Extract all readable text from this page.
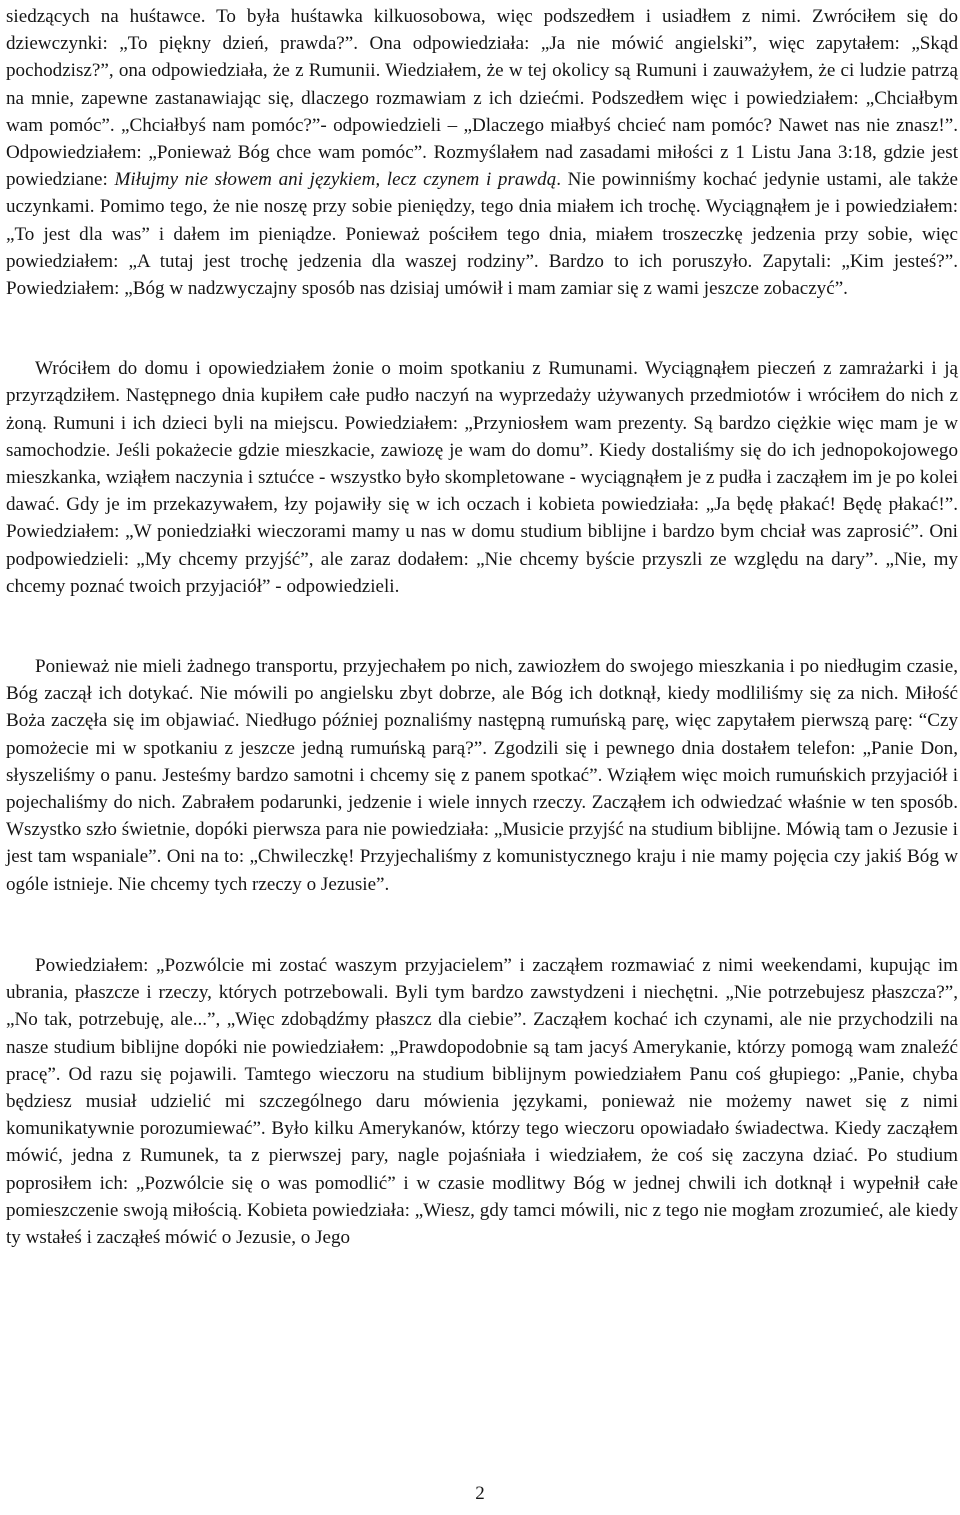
siedzących na huśtawce. To była huśtawka kilkuosobowa, więc podszedłem i usiadłem z nimi. Zwróciłem się do dziewczynki: „To piękny dzień, prawda?”. Ona odpowiedziała: „Ja nie mówić angielski”, więc zapytałem: „Skąd pochodzisz?”, ona odpowiedziała, że z Rumunii. Wiedziałem, że w tej okolicy są Rumuni i zauważyłem, że ci ludzie patrzą na mnie, zapewne zastanawiając się, dlaczego rozmawiam z ich dziećmi. Podszedłem więc i powiedziałem: „Chciałbym wam pomóc”. „Chciałbyś nam pomóc?”- odpowiedzieli – „Dlaczego miałbyś chcieć nam pomóc? Nawet nas nie znasz!”. Odpowiedziałem: „Ponieważ Bóg chce wam pomóc”. Rozmyślałem nad zasadami miłości z 1 Listu Jana 3:18, gdzie jest powiedziane: Miłujmy nie słowem ani językiem, lecz czynem i prawdą. Nie powinniśmy kochać jedynie ustami, ale także uczynkami. Pomimo tego, że nie noszę przy sobie pieniędzy, tego dnia miałem ich trochę. Wyciągnąłem je i powiedziałem: „To jest dla was” i dałem im pieniądze. Ponieważ pościłem tego dnia, miałem troszeczkę jedzenia przy sobie, więc powiedziałem: „A tutaj jest trochę jedzenia dla waszej rodziny”. Bardzo to ich poruszyło. Zapytali: „Kim jesteś?”. Powiedziałem: „Bóg w nadzwyczajny sposób nas dzisiaj umówił i mam zamiar się z wami jeszcze zobaczyć”.

Wróciłem do domu i opowiedziałem żonie o moim spotkaniu z Rumunami. Wyciągnąłem pieczeń z zamrażarki i ją przyrządziłem. Następnego dnia kupiłem całe pudło naczyń na wyprzedaży używanych przedmiotów i wróciłem do nich z żoną. Rumuni i ich dzieci byli na miejscu. Powiedziałem: „Przyniosłem wam prezenty. Są bardzo ciężkie więc mam je w samochodzie. Jeśli pokażecie gdzie mieszkacie, zawiozę je wam do domu”. Kiedy dostaliśmy się do ich jednopokojowego mieszkanka, wziąłem naczynia i sztućce - wszystko było skompletowane - wyciągnąłem je z pudła i zacząłem im je po kolei dawać. Gdy je im przekazywałem, łzy pojawiły się w ich oczach i kobieta powiedziała: „Ja będę płakać! Będę płakać!”. Powiedziałem: „W poniedziałki wieczorami mamy u nas w domu studium biblijne i bardzo bym chciał was zaprosić”. Oni podpowiedzieli: „My chcemy przyjść”, ale zaraz dodałem: „Nie chcemy byście przyszli ze względu na dary”. „Nie, my chcemy poznać twoich przyjaciół” - odpowiedzieli.

Ponieważ nie mieli żadnego transportu, przyjechałem po nich, zawiozłem do swojego mieszkania i po niedługim czasie, Bóg zaczął ich dotykać. Nie mówili po angielsku zbyt dobrze, ale Bóg ich dotknął, kiedy modliliśmy się za nich. Miłość Boża zaczęła się im objawiać. Niedługo później poznaliśmy następną rumuńską parę, więc zapytałem pierwszą parę: “Czy pomożecie mi w spotkaniu z jeszcze jedną rumuńską parą?”. Zgodzili się i pewnego dnia dostałem telefon: „Panie Don, słyszeliśmy o panu. Jesteśmy bardzo samotni i chcemy się z panem spotkać”. Wziąłem więc moich rumuńskich przyjaciół i pojechaliśmy do nich. Zabrałem podarunki, jedzenie i wiele innych rzeczy. Zacząłem ich odwiedzać właśnie w ten sposób. Wszystko szło świetnie, dopóki pierwsza para nie powiedziała: „Musicie przyjść na studium biblijne. Mówią tam o Jezusie i jest tam wspaniale”. Oni na to: „Chwileczkę! Przyjechaliśmy z komunistycznego kraju i nie mamy pojęcia czy jakiś Bóg w ogóle istnieje. Nie chcemy tych rzeczy o Jezusie”.

Powiedziałem: „Pozwólcie mi zostać waszym przyjacielem” i zacząłem rozmawiać z nimi weekendami, kupując im ubrania, płaszcze i rzeczy, których potrzebowali. Byli tym bardzo zawstydzeni i niechętni. „Nie potrzebujesz płaszcza?”, „No tak, potrzebuję, ale...”, „Więc zdobądźmy płaszcz dla ciebie”. Zacząłem kochać ich czynami, ale nie przychodzili na nasze studium biblijne dopóki nie powiedziałem: „Prawdopodobnie są tam jacyś Amerykanie, którzy pomogą wam znaleźć pracę”. Od razu się pojawili. Tamtego wieczoru na studium biblijnym powiedziałem Panu coś głupiego: „Panie, chyba będziesz musiał udzielić mi szczególnego daru mówienia językami, ponieważ nie możemy nawet się z nimi komunikatywnie porozumiewać”. Było kilku Amerykanów, którzy tego wieczoru opowiadało świadectwa. Kiedy zacząłem mówić, jedna z Rumunek, ta z pierwszej pary, nagle pojaśniała i wiedziałem, że coś się zaczyna dziać. Po studium poprosiłem ich: „Pozwólcie się o was pomodlić” i w czasie modlitwy Bóg w jednej chwili ich dotknął i wypełnił całe pomieszczenie swoją miłością. Kobieta powiedziała: „Wiesz, gdy tamci mówili, nic z tego nie mogłam zrozumieć, ale kiedy ty wstałeś i zacząłeś mówić o Jezusie, o Jego

2
